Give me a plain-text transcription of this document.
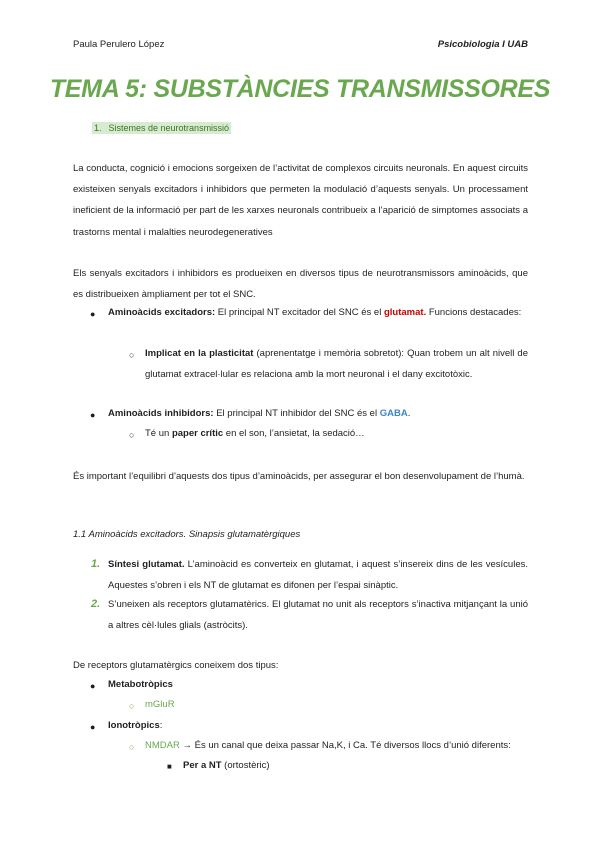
Paula Perulero López	Psicobiologia I UAB
TEMA 5: SUBSTÀNCIES TRANSMISSORES
1. Sistemes de neurotransmissió
La conducta, cognició i emocions sorgeixen de l’activitat de complexos circuits neuronals. En aquest circuits existeixen senyals excitadors i inhibidors que permeten la modulació d’aquests senyals. Un processament ineficient de la informació per part de les xarxes neuronals contribueix a l’aparició de simptomes associats a trastorns mental i malalties neurodegeneratives
Els senyals excitadors i inhibidors es produeixen en diversos tipus de neurotransmissors aminoàcids, que es distribueixen àmpliament per tot el SNC.
● Aminoàcids excitadors: El principal NT excitador del SNC és el glutamat. Funcions destacades:
○ Implicat en la plasticitat (aprenentatge i memòria sobretot): Quan trobem un alt nivell de glutamat extracel·lular es relaciona amb la mort neuronal i el dany excitotòxic.
● Aminoàcids inhibidors: El principal NT inhibidor del SNC és el GABA.
○ Té un paper crític en el son, l’ansietat, la sedació…
És important l’equilibri d’aquests dos tipus d’aminoàcids, per assegurar el bon desenvolupament de l’humà.
1.1 Aminoàcids excitadors. Sinapsis glutamatèrgiques
1. Síntesi glutamat. L’aminoàcid es converteix en glutamat, i aquest s’insereix dins de les vesícules. Aquestes s’obren i els NT de glutamat es difonen per l’espai sinàptic.
2. S’uneixen als receptors glutamatèrics. El glutamat no unit als receptors s’inactiva mitjançant la unió a altres cèl·lules glials (astròcits).
De receptors glutamatèrgics coneixem dos tipus:
● Metabotròpics
○ mGluR
● Ionotròpics:
○ NMDAR → És un canal que deixa passar Na,K, i Ca. Té diversos llocs d’unió diferents:
■ Per a NT (ortostèric)
